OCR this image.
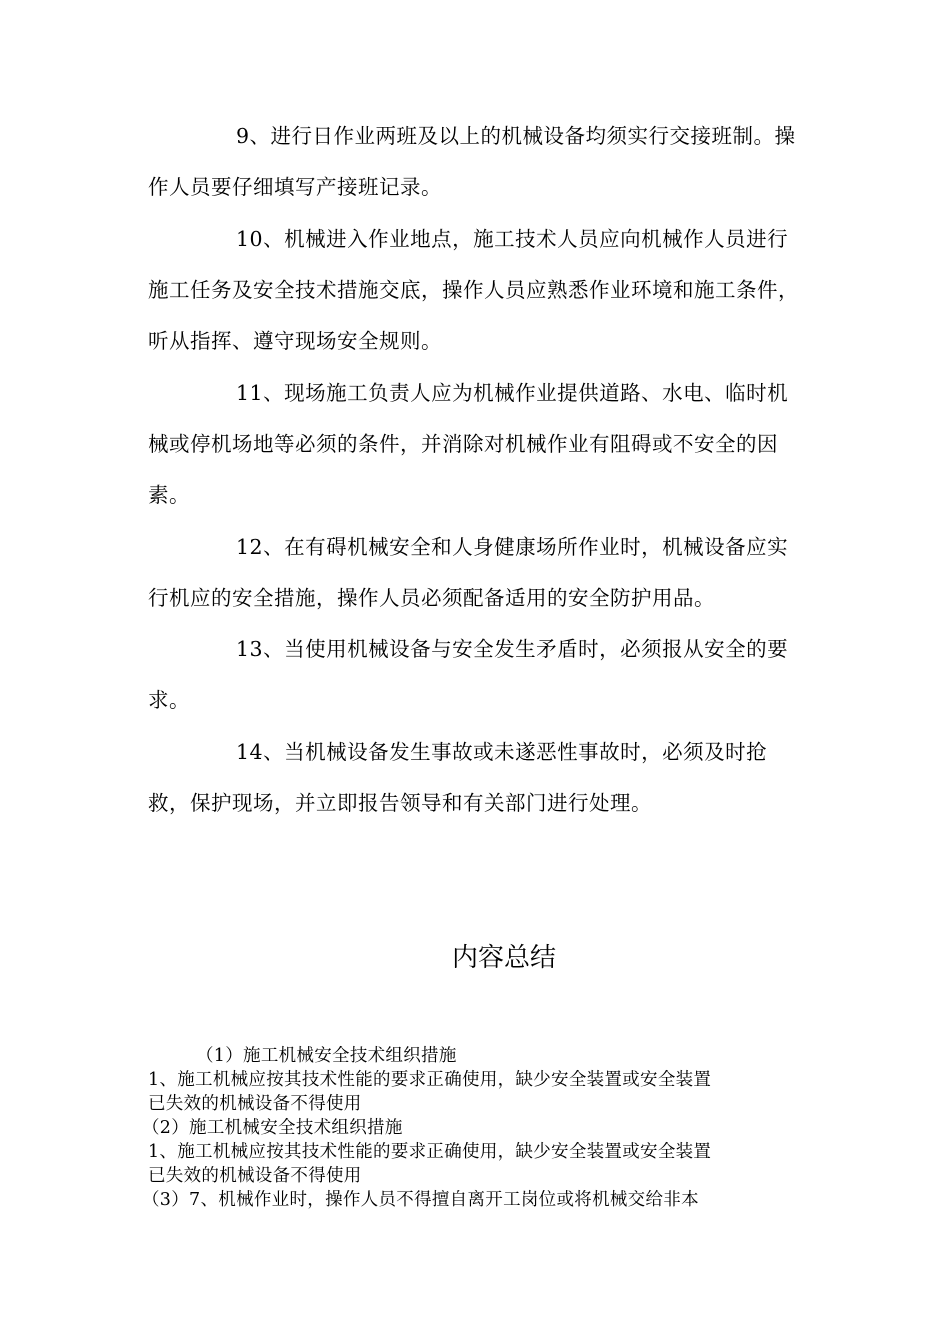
9、进行日作业两班及以上的机械设备均须实行交接班制。操作人员要仔细填写产接班记录。

10、机械进入作业地点，施工技术人员应向机械作人员进行施工任务及安全技术措施交底，操作人员应熟悉作业环境和施工条件，听从指挥、遵守现场安全规则。

11、现场施工负责人应为机械作业提供道路、水电、临时机械或停机场地等必须的条件，并消除对机械作业有阻碍或不安全的因素。

12、在有碍机械安全和人身健康场所作业时，机械设备应实行机应的安全措施，操作人员必须配备适用的安全防护用品。

13、当使用机械设备与安全发生矛盾时，必须报从安全的要求。

14、当机械设备发生事故或未遂恶性事故时，必须及时抢救，保护现场，并立即报告领导和有关部门进行处理。

内容总结
（1）施工机械安全技术组织措施
1、施工机械应按其技术性能的要求正确使用，缺少安全装置或安全装置
已失效的机械设备不得使用
（2）施工机械安全技术组织措施
1、施工机械应按其技术性能的要求正确使用，缺少安全装置或安全装置
已失效的机械设备不得使用
（3）7、机械作业时，操作人员不得擅自离开工岗位或将机械交给非本
